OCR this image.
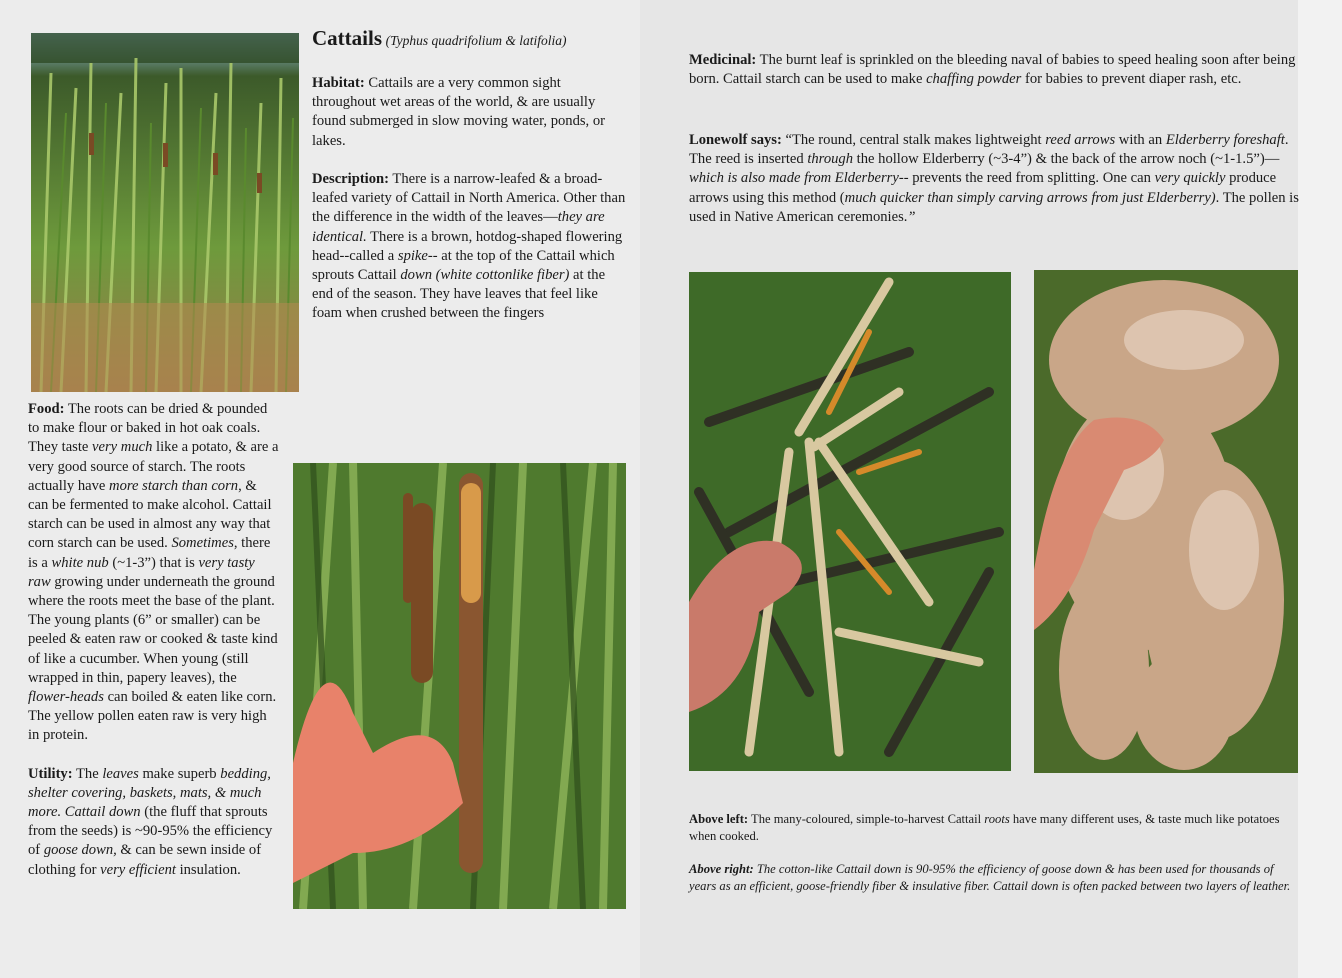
Cattails (Typhus quadrifolium & latifolia)

Habitat: Cattails are a very common sight throughout wet areas of the world, & are usually found submerged in slow moving water, ponds, or lakes.

Description: There is a narrow-leafed & a broad-leafed variety of Cattail in North America. Other than the difference in the width of the leaves—they are identical. There is a brown, hotdog-shaped flowering head--called a spike-- at the top of the Cattail which sprouts Cattail down (white cottonlike fiber) at the end of the season. They have leaves that feel like foam when crushed between the fingers

Food: The roots can be dried & pounded to make flour or baked in hot oak coals. They taste very much like a potato, & are a very good source of starch. The roots actually have more starch than corn, & can be fermented to make alcohol. Cattail starch can be used in almost any way that corn starch can be used. Sometimes, there is a white nub (~1-3”) that is very tasty raw growing under underneath the ground where the roots meet the base of the plant. The young plants (6” or smaller) can be peeled & eaten raw or cooked & taste kind of like a cucumber. When young (still wrapped in thin, papery leaves), the flower-heads can boiled & eaten like corn. The yellow pollen eaten raw is very high in protein.

Utility: The leaves make superb bedding, shelter covering, baskets, mats, & much more. Cattail down (the fluff that sprouts from the seeds) is ~90-95% the efficiency of goose down, & can be sewn inside of clothing for very efficient insulation.

Medicinal: The burnt leaf is sprinkled on the bleeding naval of babies to speed healing soon after being born. Cattail starch can be used to make chaffing powder for babies to prevent diaper rash, etc.

Lonewolf says: “The round, central stalk makes lightweight reed arrows with an Elderberry foreshaft. The reed is inserted through the hollow Elderberry (~3-4”) & the back of the arrow noch (~1-1.5”)—which is also made from Elderberry-- prevents the reed from splitting. One can very quickly produce arrows using this method (much quicker than simply carving arrows from just Elderberry). The pollen is used in Native American ceremonies.”

Above left: The many-coloured, simple-to-harvest Cattail roots have many different uses, & taste much like potatoes when cooked.

Above right: The cotton-like Cattail down is 90-95% the efficiency of goose down & has been used for thousands of years as an efficient, goose-friendly fiber & insulative fiber. Cattail down is often packed between two layers of leather.
